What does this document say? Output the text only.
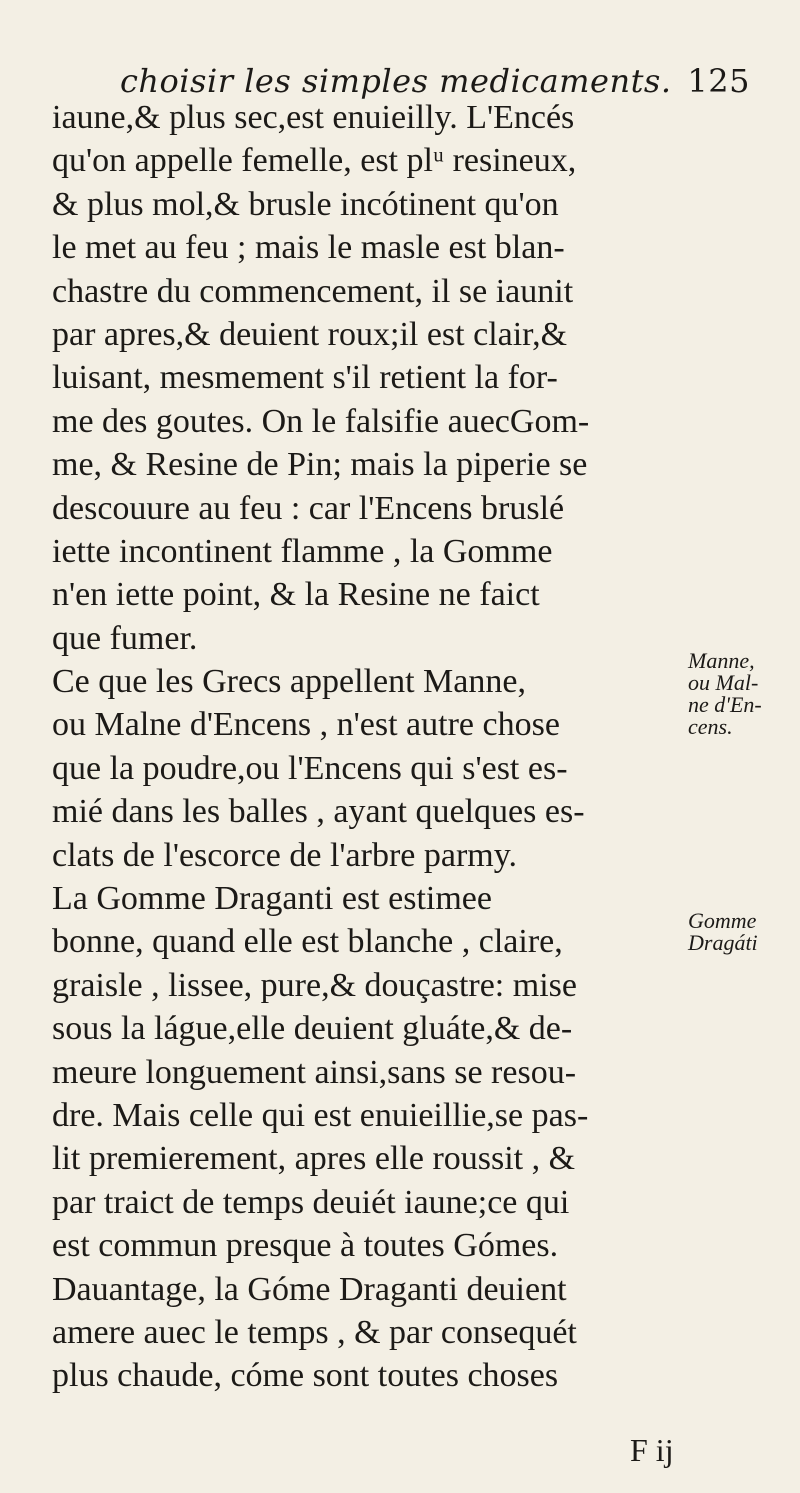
choisir les simples medicaments. 125
iaune,& plus sec,est enuieilly. L'Encés
qu'on appelle femelle, est plᵘ resineux,
& plus mol,& brusle incótinent qu'on
le met au feu ; mais le masle est blan-
chastre du commencement, il se iaunit
par apres,& deuient roux;il est clair,&
luisant, mesmement s'il retient la for-
me des goutes. On le falsifie auecGom-
me, & Resine de Pin; mais la piperie se
descouure au feu : car l'Encens bruslé
iette incontinent flamme , la Gomme
n'en iette point, & la Resine ne faict
que fumer.
Ce que les Grecs appellent Manne,
ou Malne d'Encens , n'est autre chose
que la poudre,ou l'Encens qui s'est es-
mié dans les balles , ayant quelques es-
clats de l'escorce de l'arbre parmy.
La Gomme Draganti est estimee
bonne, quand elle est blanche , claire,
graisle , lissee, pure,& douçastre: mise
sous la lágue,elle deuient gluáte,& de-
meure longuement ainsi,sans se resou-
dre. Mais celle qui est enuieillie,se pas-
lit premierement, apres elle roussit , &
par traict de temps deuiét iaune;ce qui
est commun presque à toutes Gómes.
Dauantage, la Góme Draganti deuient
amere auec le temps , & par consequét
plus chaude, cóme sont toutes choses
Manne,
ou Mal-
ne d'En-
cens.
Gomme
Dragáti
F ij
